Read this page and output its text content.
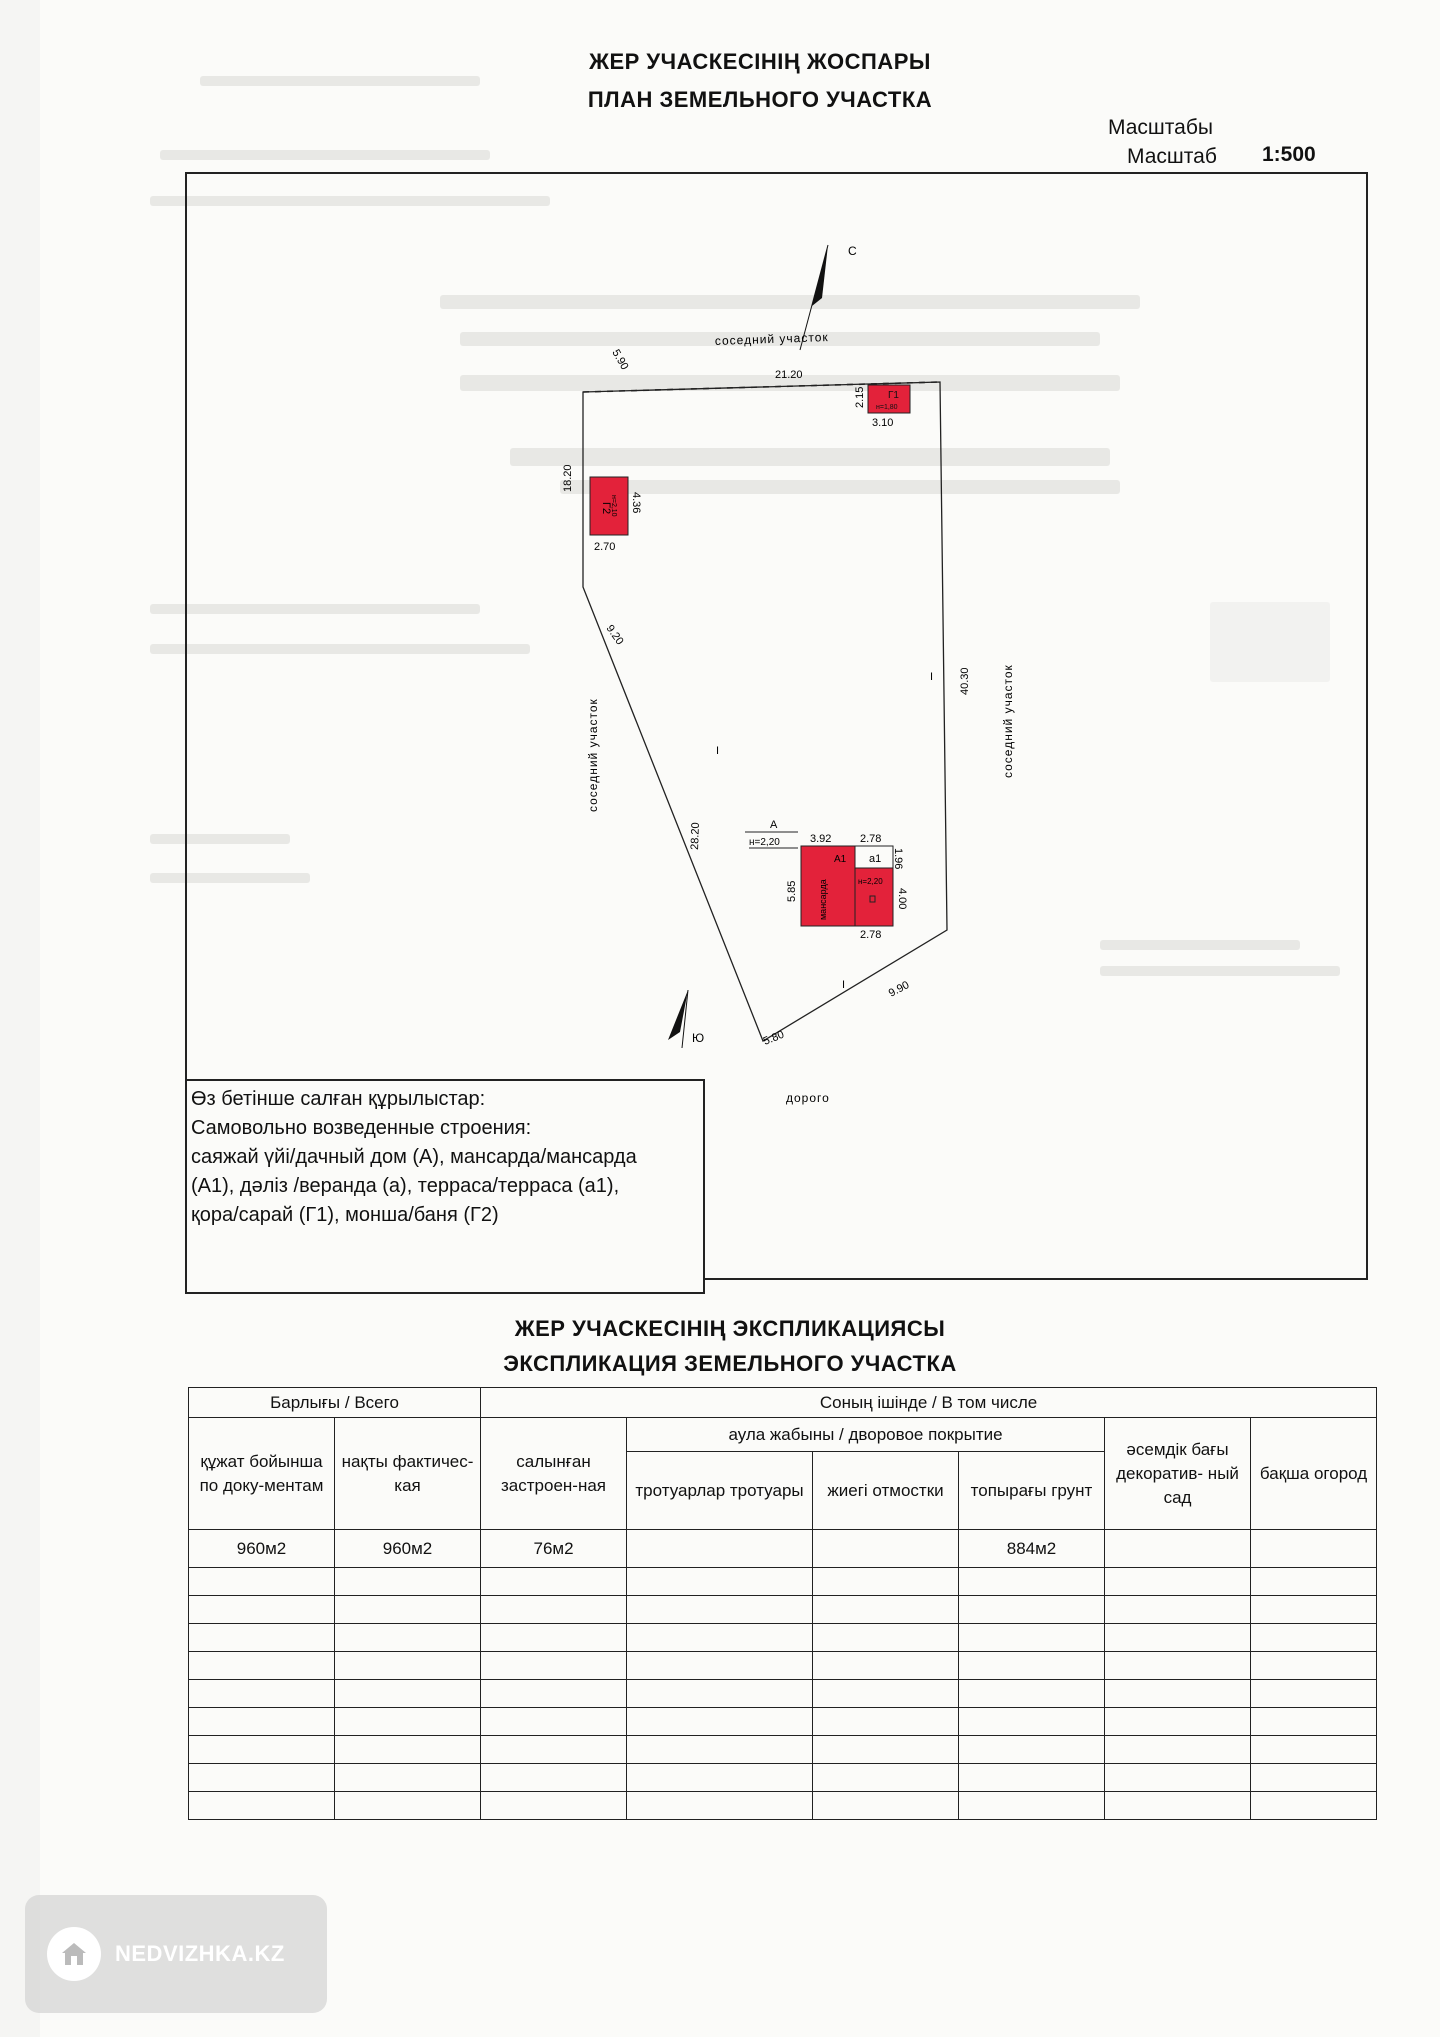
ЖЕР УЧАСКЕСІНІҢ ЖОСПАРЫ
ПЛАН ЗЕМЕЛЬНОГО УЧАСТКА
Масштабы
Масштаб 1:500
С
Ю
соседний участок
соседний участок	соседний участок
дорого
Г1
н=1,80
Г2
н=2,10
мансарда
А1 а1
н=2,20
А
н=2,20
5.90
21.20
2.15
3.10
18.20
4.36
2.70
9.20
40.30
28.20	3.92	2.78
5.85
1.96
4.00
2.78
9.90
5.80
I
I
I
Өз бетінше салған құрылыстар:
Самовольно возведенные строения:
саяжай үйі/дачный дом (А), мансарда/мансарда
(А1), дәліз /веранда (а), терраса/терраса (а1),
қора/сарай (Г1), монша/баня (Г2)
ЖЕР УЧАСКЕСІНІҢ ЭКСПЛИКАЦИЯСЫ
ЭКСПЛИКАЦИЯ ЗЕМЕЛЬНОГО УЧАСТКА
Барлығы / Всего		Соның ішінде / В том числе					
құжат бойынша по доку-ментам	нақты фактичес-кая	салынған застроен-ная	аула жабыны / дворовое покрытие			әсемдік бағы декоратив- ный сад	бақша огород
			тротуарлар тротуары	жиегі отмостки	топырағы грунт		
960м2	960м2	76м2			884м2		

NEDVIZHKA.KZ
